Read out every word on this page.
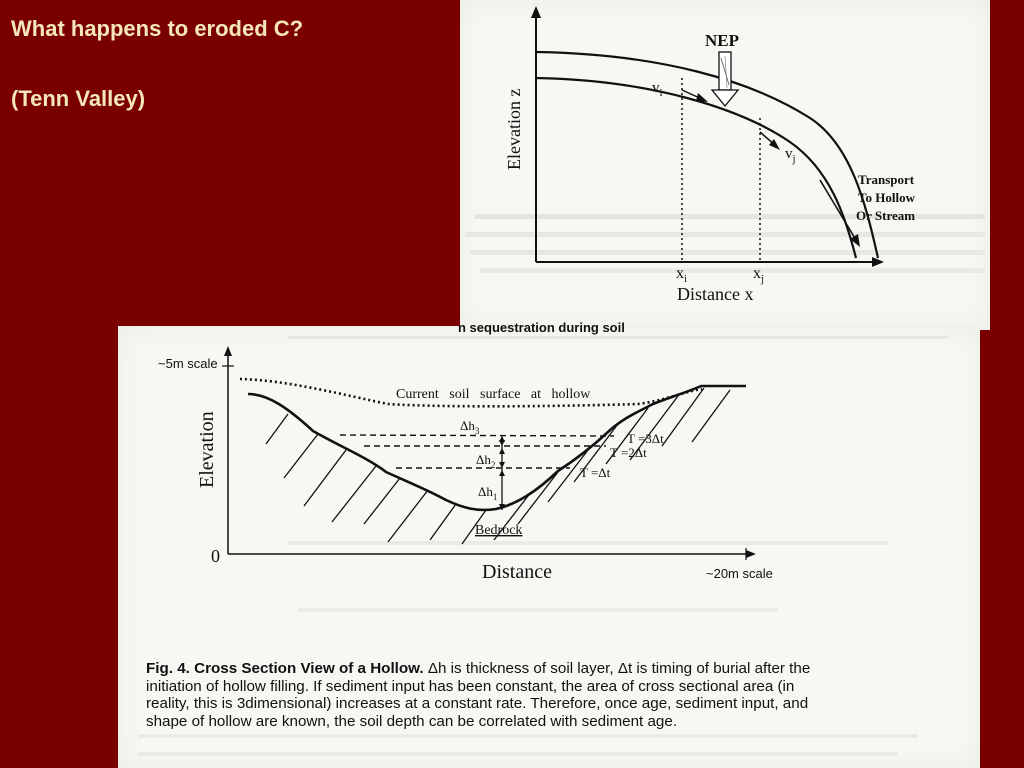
What happens to eroded C?
(Tenn Valley)
NEP
Elevation z
Distance x
$v_i$
$v_j$
$x_i$	$x_j$
Transport To Hollow Or Stream
n sequestration during soil
~5m scale
Elevation
0
Distance	~20m scale
Current   soil   surface   at   hollow
Bedrock
$\Delta h_3$
$\Delta h_2$
$\Delta h_1$
T =3Δt
T =2Δt
T =Δt

Fig. 4. Cross Section View of a Hollow. Δh is thickness of soil layer, Δt is timing of burial after the
initiation of hollow filling. If sediment input has been constant, the area of cross sectional area (in
reality, this is 3dimensional) increases at a constant rate. Therefore, once age, sediment input, and
shape of hollow are known, the soil depth can be correlated with sediment age.
